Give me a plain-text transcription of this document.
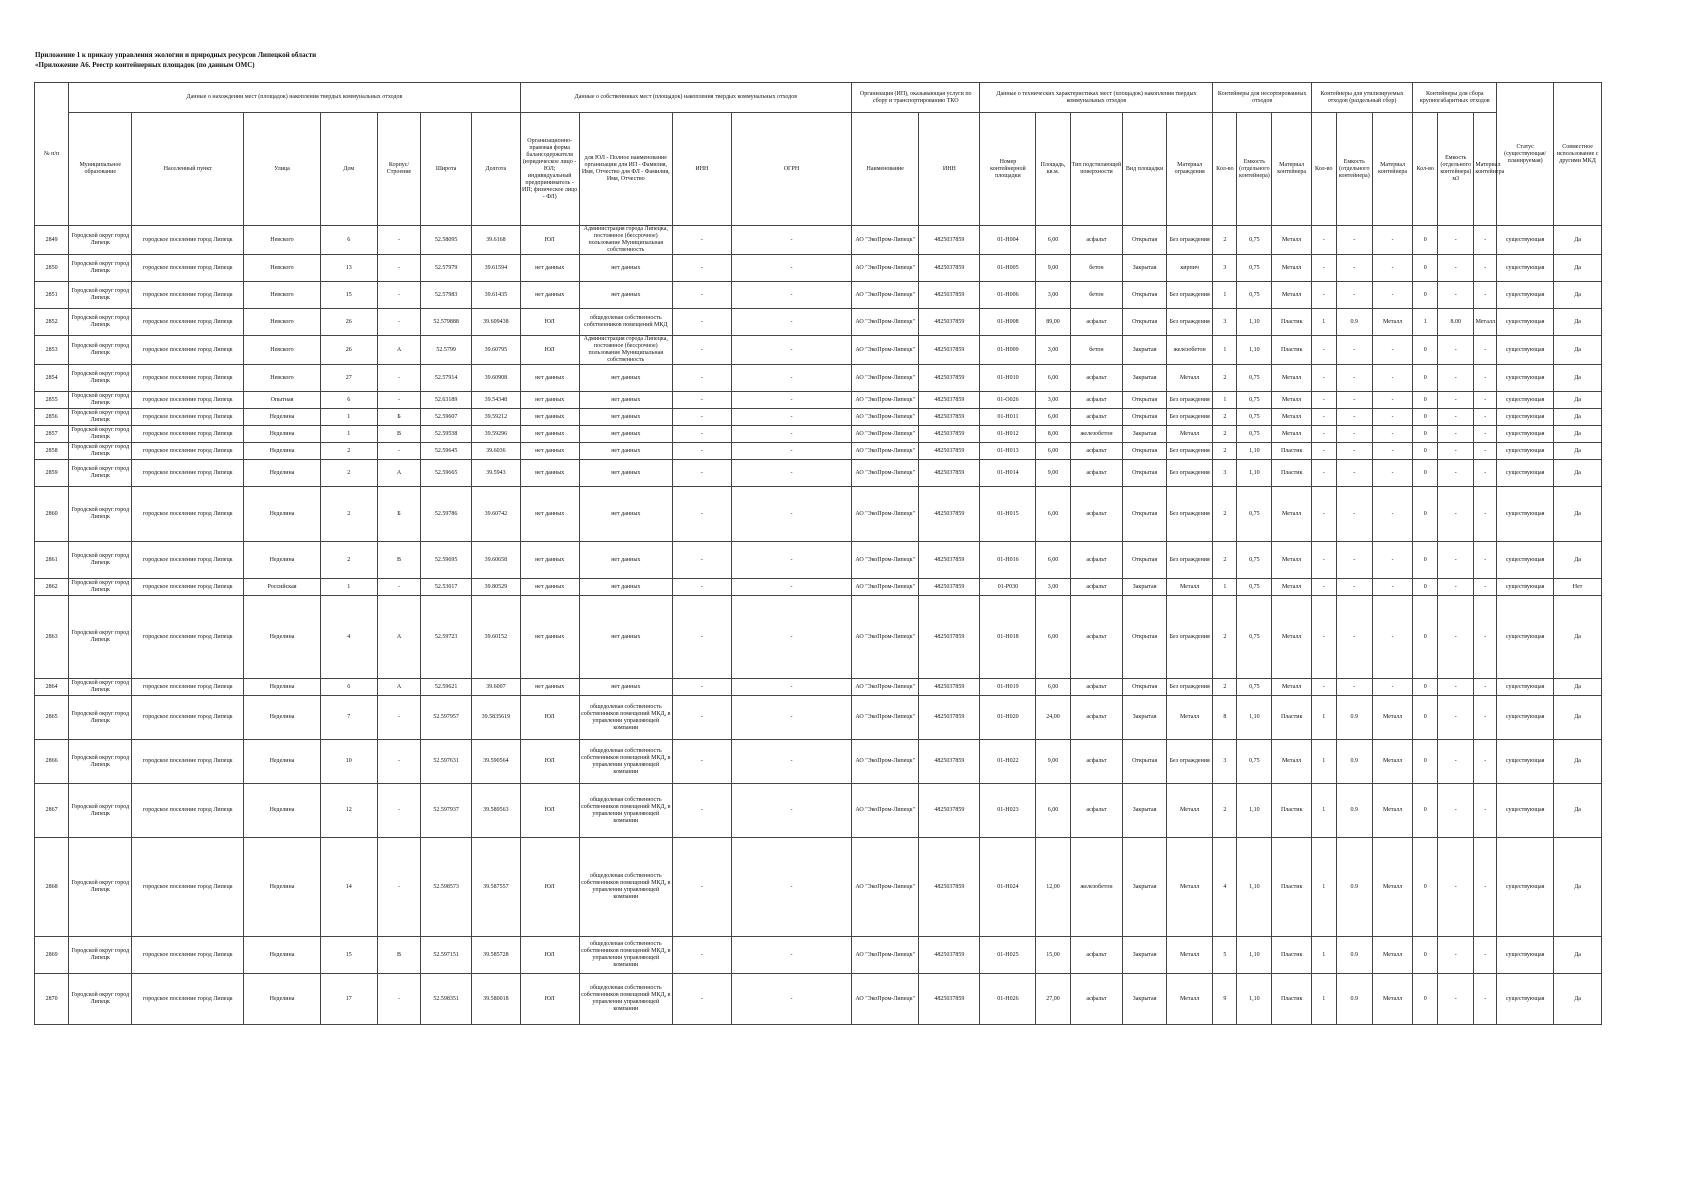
Приложение 1 к приказу управления экологии и природных ресурсов Липецкой области
«Приложение А6. Реестр контейнерных площадок (по данным ОМС)
№ п/п	Данные о нахождении мест (площадок) накопления твердых коммунальных отходов							Данные о собственниках мест (площадок) накопления твердых коммунальных отходов				Организация (ИП), оказывающая услуги по сбору и транспортированию ТКО		Данные о технических характеристиках мест (площадок) накопления твердых коммунальных отходов					Контейнеры для несортированных отходов			Контейнеры для утилизируемых отходов (раздельный сбор)			Контейнеры для сбора крупногабаритных отходов			Статус (существующая/ планируемая)	Совместное использование с другими МКД
	Муниципальное образование	Населенный пункт	Улица	Дом	Корпус/Строение	Широта	Долгота	Организационно-правовая форма балансодержателя (юридическое лицо - ЮЛ; индивидуальный предприниматель - ИП; физическое лицо - ФЛ)	для ЮЛ - Полное наименование организации для ИП - Фамилия, Имя, Отчество для ФЛ - Фамилия, Имя, Отчество	ИНН	ОГРН	Наименование	ИНН	Номер контейнерной площадки	Площадь, кв.м.	Тип подстилающей поверхности	Вид площадки	Материал ограждения	Кол-во	Емкость (отдельного контейнера)	Материал контейнера	Кол-во	Емкость (отдельного контейнера)	Материал контейнера	Кол-во	Емкость (отдельного контейнера) м3	Материал контейнера		
2849	Городской округ город Липецк	городское поселение город Липецк	Невского	6	-	52.58095	39.6168	ЮЛ	Администрация города Липецка, постоянное (бессрочное) пользование Муниципальная собственность	-	-	АО "ЭкоПром-Липецк"	4825037859	01-Н004	6,00	асфальт	Открытая	Без ограждения	2	0,75	Металл	-	-	-	0	-	-	существующая	Да
2850	Городской округ город Липецк	городское поселение город Липецк	Невского	13	-	52.57979	39.61594	нет данных	нет данных	-	-	АО "ЭкоПром-Липецк"	4825037859	01-Н005	9,00	бетон	Закрытая	кирпич	3	0,75	Металл	-	-	-	0	-	-	существующая	Да
2851	Городской округ город Липецк	городское поселение город Липецк	Невского	15	-	52.57983	39.61435	нет данных	нет данных	-	-	АО "ЭкоПром-Липецк"	4825037859	01-Н006	3,00	бетон	Открытая	Без ограждения	1	0,75	Металл	-	-	-	0	-	-	существующая	Да
2852	Городской округ город Липецк	городское поселение город Липецк	Невского	26	-	52.579888	39.609438	ЮЛ	общедолевая собственность собственников помещений МКД	-	-	АО "ЭкоПром-Липецк"	4825037859	01-Н008	89,00	асфальт	Открытая	Без ограждения	3	1,10	Пластик	1	0.9	Металл	1	8.00	Металл	существующая	Да
2853	Городской округ город Липецк	городское поселение город Липецк	Невского	26	А	52.5799	39.60795	ЮЛ	Администрация города Липецка, постоянное (бессрочное) пользование Муниципальная собственность	-	-	АО "ЭкоПром-Липецк"	4825037859	01-Н009	3,00	бетон	Закрытая	железобетон	1	1,10	Пластик	-	-	-	0	-	-	существующая	Да
2854	Городской округ город Липецк	городское поселение город Липецк	Невского	27	-	52.57914	39.60908	нет данных	нет данных	-	-	АО "ЭкоПром-Липецк"	4825037859	01-Н010	6,00	асфальт	Закрытая	Металл	2	0,75	Металл	-	-	-	0	-	-	существующая	Да
2855	Городской округ город Липецк	городское поселение город Липецк	Опытная	6	-	52.63189	39.54348	нет данных	нет данных	-	-	АО "ЭкоПром-Липецк"	4825037859	01-О026	3,00	асфальт	Открытая	Без ограждения	1	0,75	Металл	-	-	-	0	-	-	существующая	Да
2856	Городской округ город Липецк	городское поселение город Липецк	Неделина	1	Б	52.59607	39.59212	нет данных	нет данных	-	-	АО "ЭкоПром-Липецк"	4825037859	01-Н011	6,00	асфальт	Открытая	Без ограждения	2	0,75	Металл	-	-	-	0	-	-	существующая	Да
2857	Городской округ город Липецк	городское поселение город Липецк	Неделина	1	В	52.59538	39.59296	нет данных	нет данных	-	-	АО "ЭкоПром-Липецк"	4825037859	01-Н012	8,00	железобетон	Закрытая	Металл	2	0,75	Металл	-	-	-	0	-	-	существующая	Да
2858	Городской округ город Липецк	городское поселение город Липецк	Неделина	2	-	52.59645	39.6036	нет данных	нет данных	-	-	АО "ЭкоПром-Липецк"	4825037859	01-Н013	6,00	асфальт	Открытая	Без ограждения	2	1,10	Пластик	-	-	-	0	-	-	существующая	Да
2859	Городской округ город Липецк	городское поселение город Липецк	Неделина	2	А	52.59665	39.5943	нет данных	нет данных	-	-	АО "ЭкоПром-Липецк"	4825037859	01-Н014	9,00	асфальт	Открытая	Без ограждения	3	1,10	Пластик	-	-	-	0	-	-	существующая	Да
2860	Городской округ город Липецк	городское поселение город Липецк	Неделина	2	Б	52.59786	39.60742	нет данных	нет данных	-	-	АО "ЭкоПром-Липецк"	4825037859	01-Н015	6,00	асфальт	Открытая	Без ограждения	2	0,75	Металл	-	-	-	0	-	-	существующая	Да
2861	Городской округ город Липецк	городское поселение город Липецк	Неделина	2	В	52.59695	39.60658	нет данных	нет данных	-	-	АО "ЭкоПром-Липецк"	4825037859	01-Н016	6,00	асфальт	Открытая	Без ограждения	2	0,75	Металл	-	-	-	0	-	-	существующая	Да
2862	Городской округ город Липецк	городское поселение город Липецк	Российская	1	-	52.53017	39.80529	нет данных	нет данных	-	-	АО "ЭкоПром-Липецк"	4825037859	01-Р030	3,00	асфальт	Закрытая	Металл	1	0,75	Металл	-	-	-	0	-	-	существующая	Нет
2863	Городской округ город Липецк	городское поселение город Липецк	Неделина	4	А	52.59723	39.60152	нет данных	нет данных	-	-	АО "ЭкоПром-Липецк"	4825037859	01-Н018	6,00	асфальт	Открытая	Без ограждения	2	0,75	Металл	-	-	-	0	-	-	существующая	Да
2864	Городской округ город Липецк	городское поселение город Липецк	Неделина	6	А	52.59621	39.6007	нет данных	нет данных	-	-	АО "ЭкоПром-Липецк"	4825037859	01-Н019	6,00	асфальт	Открытая	Без ограждения	2	0,75	Металл	-	-	-	0	-	-	существующая	Да
2865	Городской округ город Липецк	городское поселение город Липецк	Неделина	7	-	52.597957	39.5835619	ЮЛ	общедолевая собственность собственников помещений МКД, в управлении управляющей компании	-	-	АО "ЭкоПром-Липецк"	4825037859	01-Н020	24,00	асфальт	Закрытая	Металл	8	1,10	Пластик	1	0.9	Металл	0	-	-	существующая	Да
2866	Городской округ город Липецк	городское поселение город Липецк	Неделина	10	-	52.597631	39.590564	ЮЛ	общедолевая собственность собственников помещений МКД, в управлении управляющей компании	-	-	АО "ЭкоПром-Липецк"	4825037859	01-Н022	9,00	асфальт	Открытая	Без ограждения	3	0,75	Металл	1	0.9	Металл	0	-	-	существующая	Да
2867	Городской округ город Липецк	городское поселение город Липецк	Неделина	12	-	52.597937	39.589563	ЮЛ	общедолевая собственность собственников помещений МКД, в управлении управляющей компании	-	-	АО "ЭкоПром-Липецк"	4825037859	01-Н023	6,00	асфальт	Закрытая	Металл	2	1,10	Пластик	1	0.9	Металл	0	-	-	существующая	Да
2868	Городской округ город Липецк	городское поселение город Липецк	Неделина	14	-	52.598573	39.587557	ЮЛ	общедолевая собственность собственников помещений МКД, в управлении управляющей компании	-	-	АО "ЭкоПром-Липецк"	4825037859	01-Н024	12,00	железобетон	Закрытая	Металл	4	1,10	Пластик	1	0.9	Металл	0	-	-	существующая	Да
2869	Городской округ город Липецк	городское поселение город Липецк	Неделина	15	В	52.597151	39.585728	ЮЛ	общедолевая собственность собственников помещений МКД, в управлении управляющей компании	-	-	АО "ЭкоПром-Липецк"	4825037859	01-Н025	15,00	асфальт	Закрытая	Металл	5	1,10	Пластик	1	0.9	Металл	0	-	-	существующая	Да
2870	Городской округ город Липецк	городское поселение город Липецк	Неделина	17	-	52.598351	39.580018	ЮЛ	общедолевая собственность собственников помещений МКД, в управлении управляющей компании	-	-	АО "ЭкоПром-Липецк"	4825037859	01-Н026	27,00	асфальт	Закрытая	Металл	9	1,10	Пластик	1	0.9	Металл	0	-	-	существующая	Да
